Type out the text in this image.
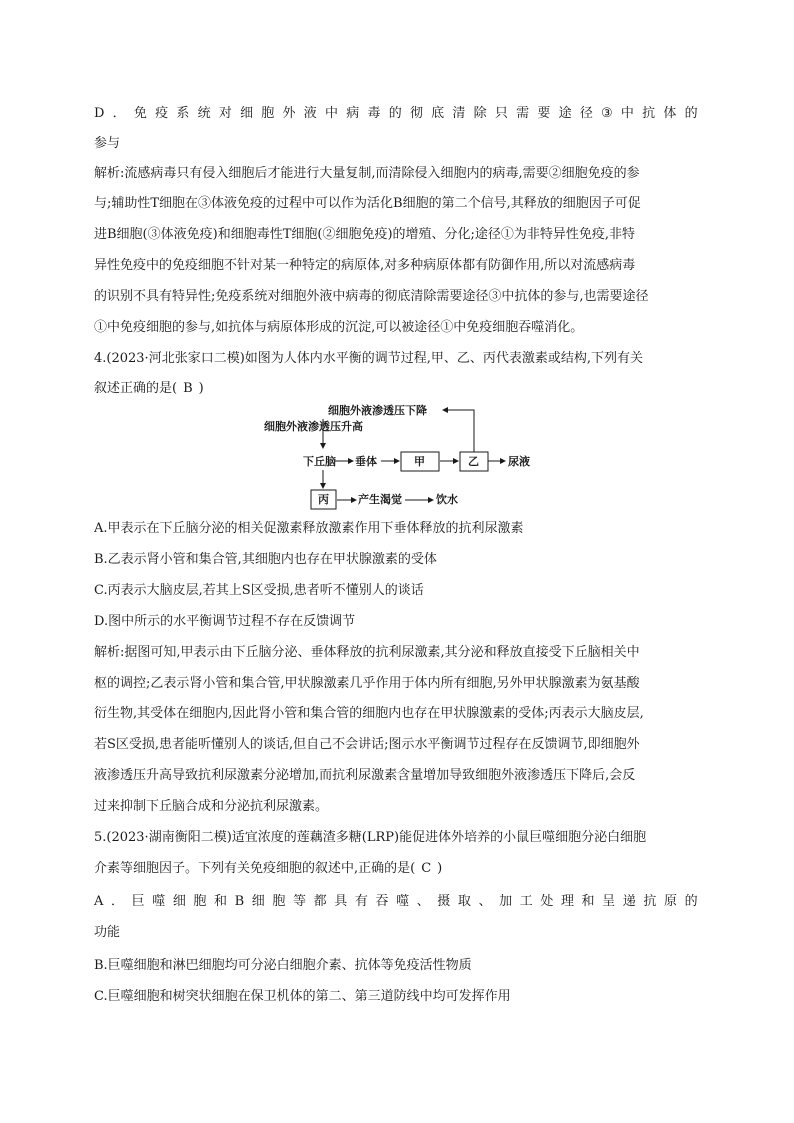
D ． 免 疫 系 统 对 细 胞 外 液 中 病 毒 的 彻 底 清 除 只 需 要 途 径 ③ 中 抗 体 的
参与
解析:流感病毒只有侵入细胞后才能进行大量复制,而清除侵入细胞内的病毒,需要②细胞免疫的参
与;辅助性T细胞在③体液免疫的过程中可以作为活化B细胞的第二个信号,其释放的细胞因子可促
进B细胞(③体液免疫)和细胞毒性T细胞(②细胞免疫)的增殖、分化;途径①为非特异性免疫,非特
异性免疫中的免疫细胞不针对某一种特定的病原体,对多种病原体都有防御作用,所以对流感病毒
的识别不具有特异性;免疫系统对细胞外液中病毒的彻底清除需要途径③中抗体的参与,也需要途径
①中免疫细胞的参与,如抗体与病原体形成的沉淀,可以被途径①中免疫细胞吞噬消化。
4.(2023·河北张家口二模)如图为人体内水平衡的调节过程,甲、乙、丙代表激素或结构,下列有关
叙述正确的是( B )
细胞外液渗透压下降
细胞外液渗透压升高
下丘脑 垂体	甲	乙	尿液
丙	产生渴觉	饮水
A.甲表示在下丘脑分泌的相关促激素释放激素作用下垂体释放的抗利尿激素
B.乙表示肾小管和集合管,其细胞内也存在甲状腺激素的受体
C.丙表示大脑皮层,若其上S区受损,患者听不懂别人的谈话
D.图中所示的水平衡调节过程不存在反馈调节
解析:据图可知,甲表示由下丘脑分泌、垂体释放的抗利尿激素,其分泌和释放直接受下丘脑相关中
枢的调控;乙表示肾小管和集合管,甲状腺激素几乎作用于体内所有细胞,另外甲状腺激素为氨基酸
衍生物,其受体在细胞内,因此肾小管和集合管的细胞内也存在甲状腺激素的受体;丙表示大脑皮层,
若S区受损,患者能听懂别人的谈话,但自己不会讲话;图示水平衡调节过程存在反馈调节,即细胞外
液渗透压升高导致抗利尿激素分泌增加,而抗利尿激素含量增加导致细胞外液渗透压下降后,会反
过来抑制下丘脑合成和分泌抗利尿激素。
5.(2023·湖南衡阳二模)适宜浓度的莲藕渣多糖(LRP)能促进体外培养的小鼠巨噬细胞分泌白细胞
介素等细胞因子。下列有关免疫细胞的叙述中,正确的是( C )
A ． 巨 噬 细 胞 和 B 细 胞 等 都 具 有 吞 噬 、 摄 取 、 加 工 处 理 和 呈 递 抗 原 的
功能
B.巨噬细胞和淋巴细胞均可分泌白细胞介素、抗体等免疫活性物质
C.巨噬细胞和树突状细胞在保卫机体的第二、第三道防线中均可发挥作用
